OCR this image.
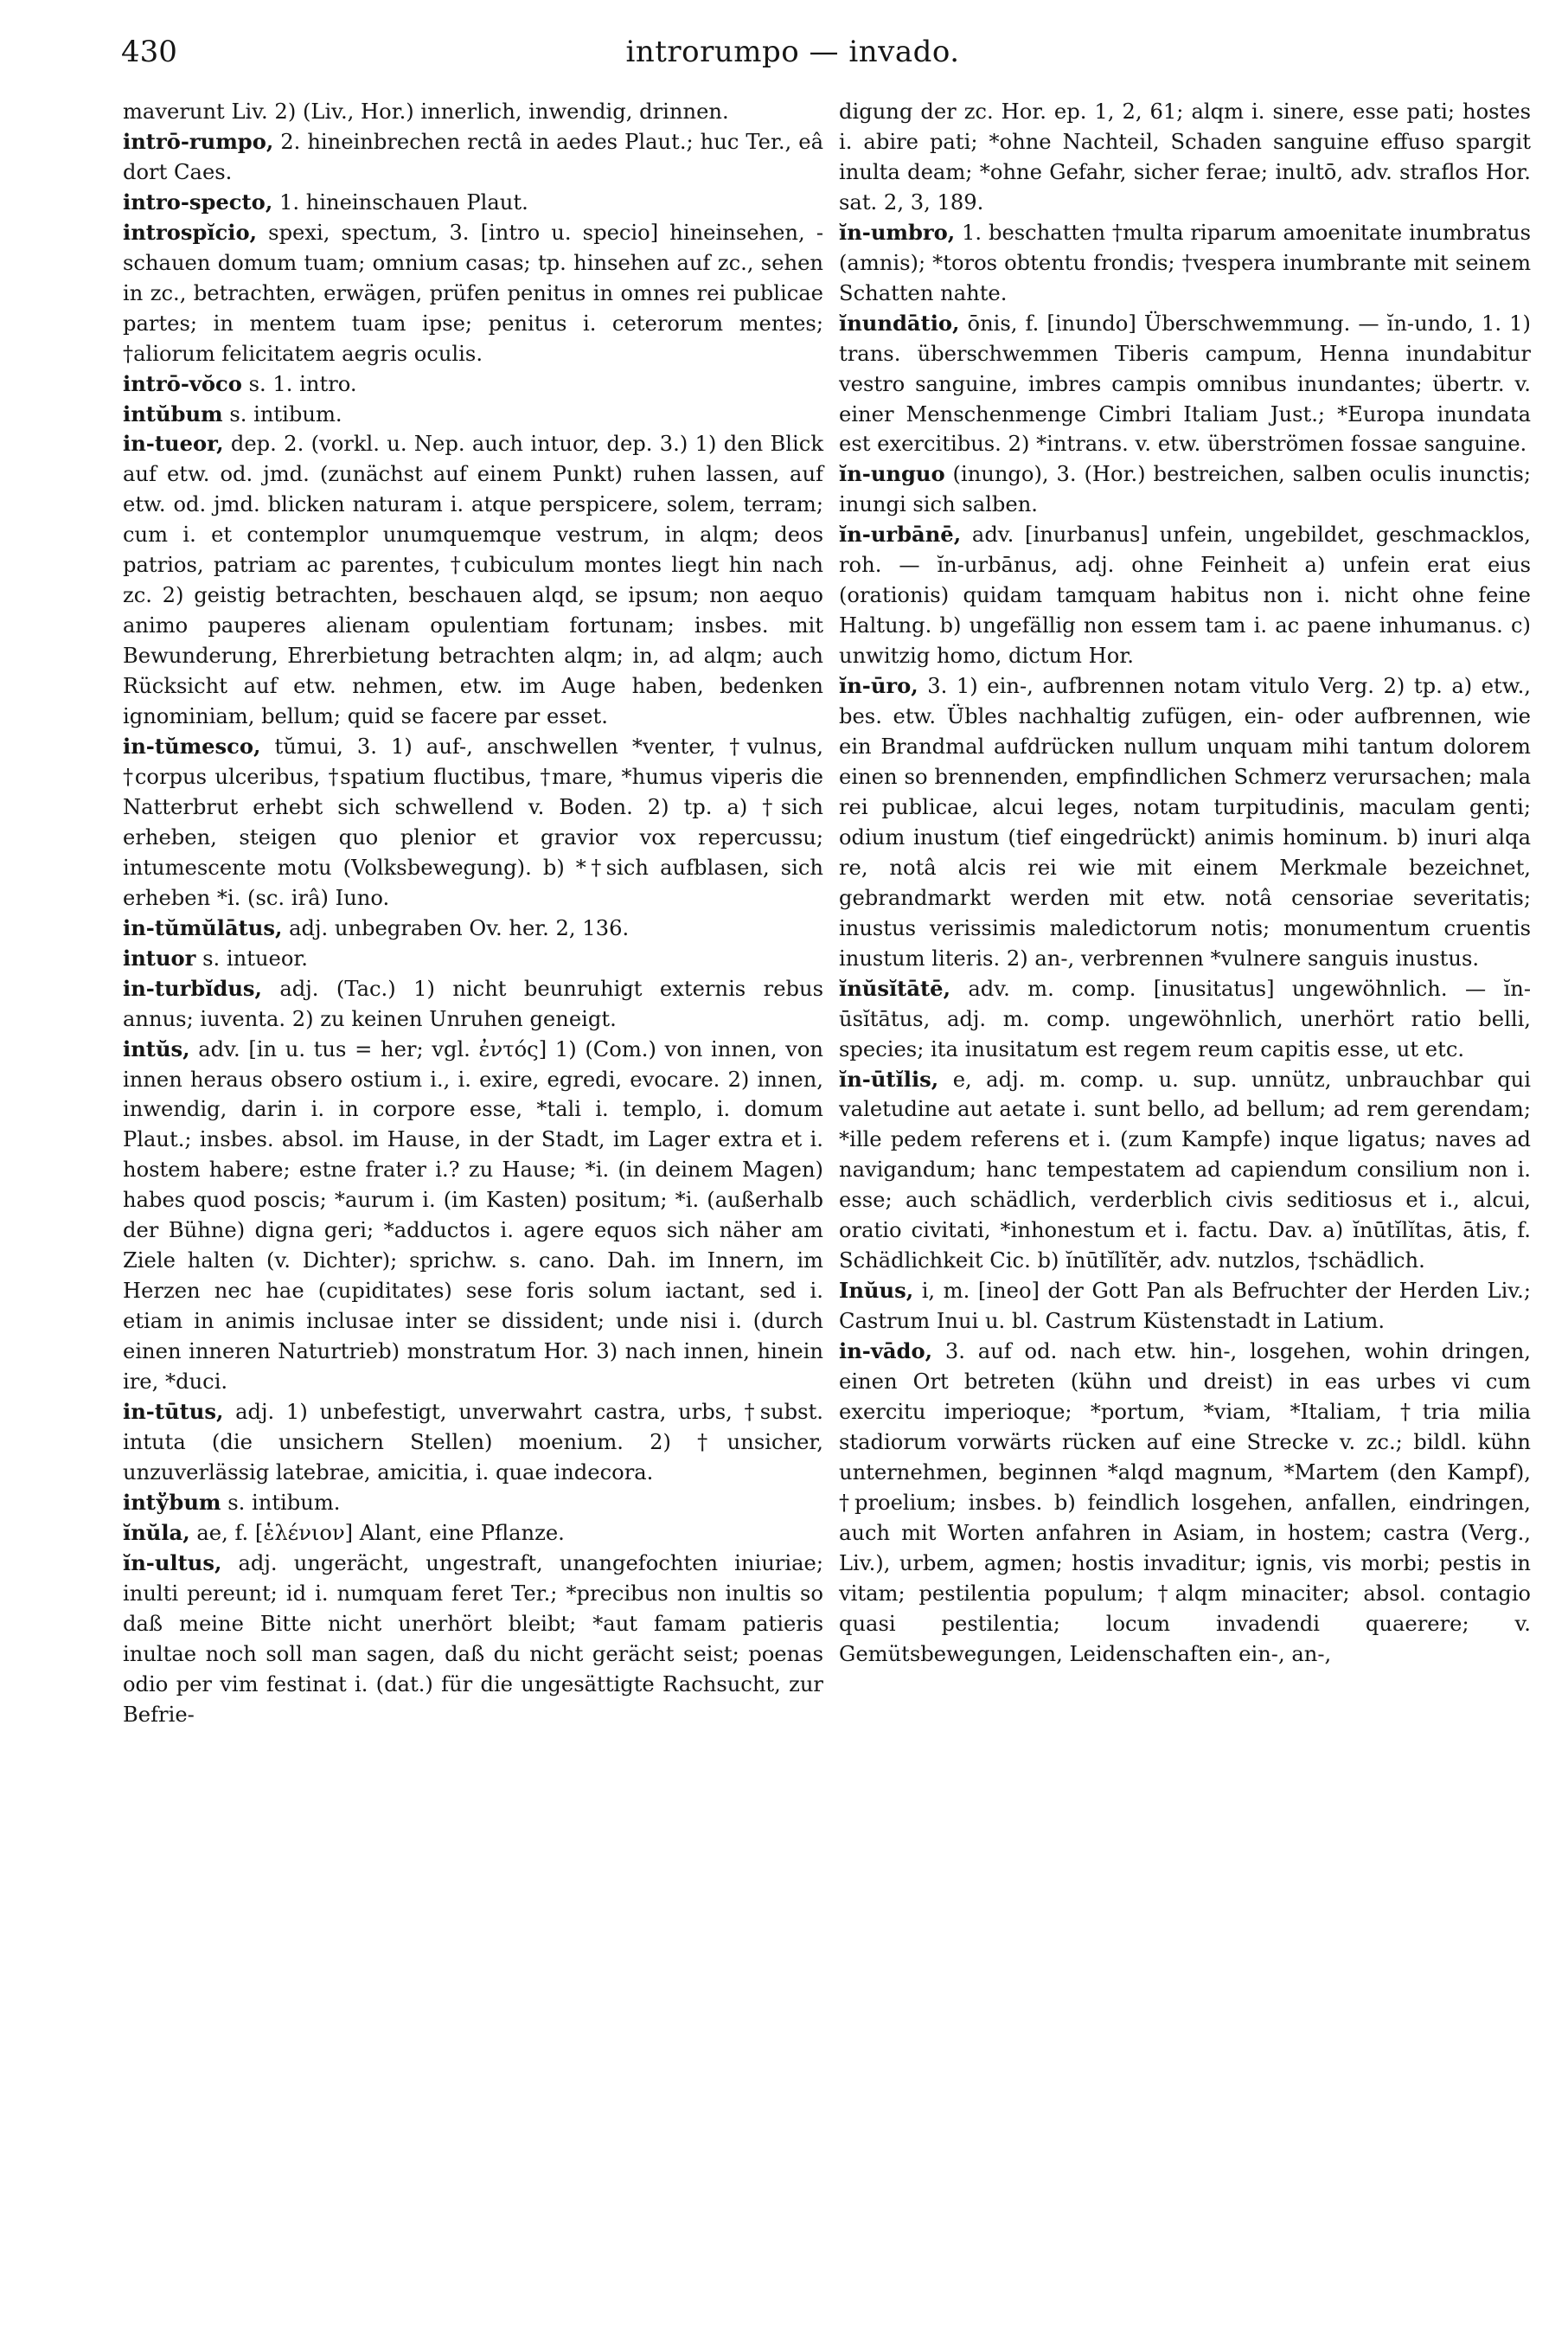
430	introrumpo — invado.

maverunt Liv. 2) (Liv., Hor.) innerlich, inwendig, drinnen.

intrō-rumpo, 2. hineinbrechen rectâ in aedes Plaut.; huc Ter., eâ dort Caes.

intro-specto, 1. hineinschauen Plaut.

introspĭcio, spexi, spectum, 3. [intro u. specio] hineinsehen, -schauen domum tuam; omnium casas; tp. hinsehen auf zc., sehen in zc., betrachten, erwägen, prüfen penitus in omnes rei publicae partes; in mentem tuam ipse; penitus i. ceterorum mentes; †aliorum felicitatem aegris oculis.

intrō-vŏco s. 1. intro.

intŭbum s. intibum.

in-tueor, dep. 2. (vorkl. u. Nep. auch intuor, dep. 3.) 1) den Blick auf etw. od. jmd. (zunächst auf einem Punkt) ruhen lassen, auf etw. od. jmd. blicken naturam i. atque perspicere, solem, terram; cum i. et contemplor unumquemque vestrum, in alqm; deos patrios, patriam ac parentes, †cubiculum montes liegt hin nach zc. 2) geistig betrachten, beschauen alqd, se ipsum; non aequo animo pauperes alienam opulentiam fortunam; insbes. mit Bewunderung, Ehrerbietung betrachten alqm; in, ad alqm; auch Rücksicht auf etw. nehmen, etw. im Auge haben, bedenken ignominiam, bellum; quid se facere par esset.

in-tŭmesco, tŭmui, 3. 1) auf-, anschwellen *venter, †vulnus, †corpus ulceribus, †spatium fluctibus, †mare, *humus viperis die Natterbrut erhebt sich schwellend v. Boden. 2) tp. a) †sich erheben, steigen quo plenior et gravior vox repercussu; intumescente motu (Volksbewegung). b) *†sich aufblasen, sich erheben *i. (sc. irâ) Iuno.

in-tŭmŭlātus, adj. unbegraben Ov. her. 2, 136.

intuor s. intueor.

in-turbĭdus, adj. (Tac.) 1) nicht beunruhigt externis rebus annus; iuventa. 2) zu keinen Unruhen geneigt.

intŭs, adv. [in u. tus = her; vgl. ἐντός] 1) (Com.) von innen, von innen heraus obsero ostium i., i. exire, egredi, evocare. 2) innen, inwendig, darin i. in corpore esse, *tali i. templo, i. domum Plaut.; insbes. absol. im Hause, in der Stadt, im Lager extra et i. hostem habere; estne frater i.? zu Hause; *i. (in deinem Magen) habes quod poscis; *aurum i. (im Kasten) positum; *i. (außerhalb der Bühne) digna geri; *adductos i. agere equos sich näher am Ziele halten (v. Dichter); sprichw. s. cano. Dah. im Innern, im Herzen nec hae (cupiditates) sese foris solum iactant, sed i. etiam in animis inclusae inter se dissident; unde nisi i. (durch einen inneren Naturtrieb) monstratum Hor. 3) nach innen, hinein ire, *duci.

in-tūtus, adj. 1) unbefestigt, unverwahrt castra, urbs, †subst. intuta (die unsichern Stellen) moenium. 2) †unsicher, unzuverlässig latebrae, amicitia, i. quae indecora.

intўbum s. intibum.

ĭnŭla, ae, f. [ἑλένιον] Alant, eine Pflanze.

ĭn-ultus, adj. ungerächt, ungestraft, unangefochten iniuriae; inulti pereunt; id i. numquam feret Ter.; *precibus non inultis so daß meine Bitte nicht unerhört bleibt; *aut famam patieris inultae noch soll man sagen, daß du nicht gerächt seist; poenas odio per vim festinat i. (dat.) für die ungesättigte Rachsucht, zur Befrie-

digung der zc. Hor. ep. 1, 2, 61; alqm i. sinere, esse pati; hostes i. abire pati; *ohne Nachteil, Schaden sanguine effuso spargit inulta deam; *ohne Gefahr, sicher ferae; inultō, adv. straflos Hor. sat. 2, 3, 189.

ĭn-umbro, 1. beschatten †multa riparum amoenitate inumbratus (amnis); *toros obtentu frondis; †vespera inumbrante mit seinem Schatten nahte.

ĭnundātio, ōnis, f. [inundo] Überschwemmung. — ĭn-undo, 1. 1) trans. überschwemmen Tiberis campum, Henna inundabitur vestro sanguine, imbres campis omnibus inundantes; übertr. v. einer Menschenmenge Cimbri Italiam Just.; *Europa inundata est exercitibus. 2) *intrans. v. etw. überströmen fossae sanguine.

ĭn-unguo (inungo), 3. (Hor.) bestreichen, salben oculis inunctis; inungi sich salben.

ĭn-urbānē, adv. [inurbanus] unfein, ungebildet, geschmacklos, roh. — ĭn-urbānus, adj. ohne Feinheit a) unfein erat eius (orationis) quidam tamquam habitus non i. nicht ohne feine Haltung. b) ungefällig non essem tam i. ac paene inhumanus. c) unwitzig homo, dictum Hor.

ĭn-ūro, 3. 1) ein-, aufbrennen notam vitulo Verg. 2) tp. a) etw., bes. etw. Übles nachhaltig zufügen, ein- oder aufbrennen, wie ein Brandmal aufdrücken nullum unquam mihi tantum dolorem einen so brennenden, empfindlichen Schmerz verursachen; mala rei publicae, alcui leges, notam turpitudinis, maculam genti; odium inustum (tief eingedrückt) animis hominum. b) inuri alqa re, notâ alcis rei wie mit einem Merkmale bezeichnet, gebrandmarkt werden mit etw. notâ censoriae severitatis; inustus verissimis maledictorum notis; monumentum cruentis inustum literis. 2) an-, verbrennen *vulnere sanguis inustus.

ĭnŭsĭtātē, adv. m. comp. [inusitatus] ungewöhnlich. — ĭn-ūsĭtātus, adj. m. comp. ungewöhnlich, unerhört ratio belli, species; ita inusitatum est regem reum capitis esse, ut etc.

ĭn-ūtĭlis, e, adj. m. comp. u. sup. unnütz, unbrauchbar qui valetudine aut aetate i. sunt bello, ad bellum; ad rem gerendam; *ille pedem referens et i. (zum Kampfe) inque ligatus; naves ad navigandum; hanc tempestatem ad capiendum consilium non i. esse; auch schädlich, verderblich civis seditiosus et i., alcui, oratio civitati, *inhonestum et i. factu. Dav. a) ĭnūtĭlĭtas, ātis, f. Schädlichkeit Cic. b) ĭnūtĭlĭtĕr, adv. nutzlos, †schädlich.

Inŭus, i, m. [ineo] der Gott Pan als Befruchter der Herden Liv.; Castrum Inui u. bl. Castrum Küstenstadt in Latium.

in-vādo, 3. auf od. nach etw. hin-, losgehen, wohin dringen, einen Ort betreten (kühn und dreist) in eas urbes vi cum exercitu imperioque; *portum, *viam, *Italiam, †tria milia stadiorum vorwärts rücken auf eine Strecke v. zc.; bildl. kühn unternehmen, beginnen *alqd magnum, *Martem (den Kampf), †proelium; insbes. b) feindlich losgehen, anfallen, eindringen, auch mit Worten anfahren in Asiam, in hostem; castra (Verg., Liv.), urbem, agmen; hostis invaditur; ignis, vis morbi; pestis in vitam; pestilentia populum; †alqm minaciter; absol. contagio quasi pestilentia; locum invadendi quaerere; v. Gemütsbewegungen, Leidenschaften ein-, an-,
